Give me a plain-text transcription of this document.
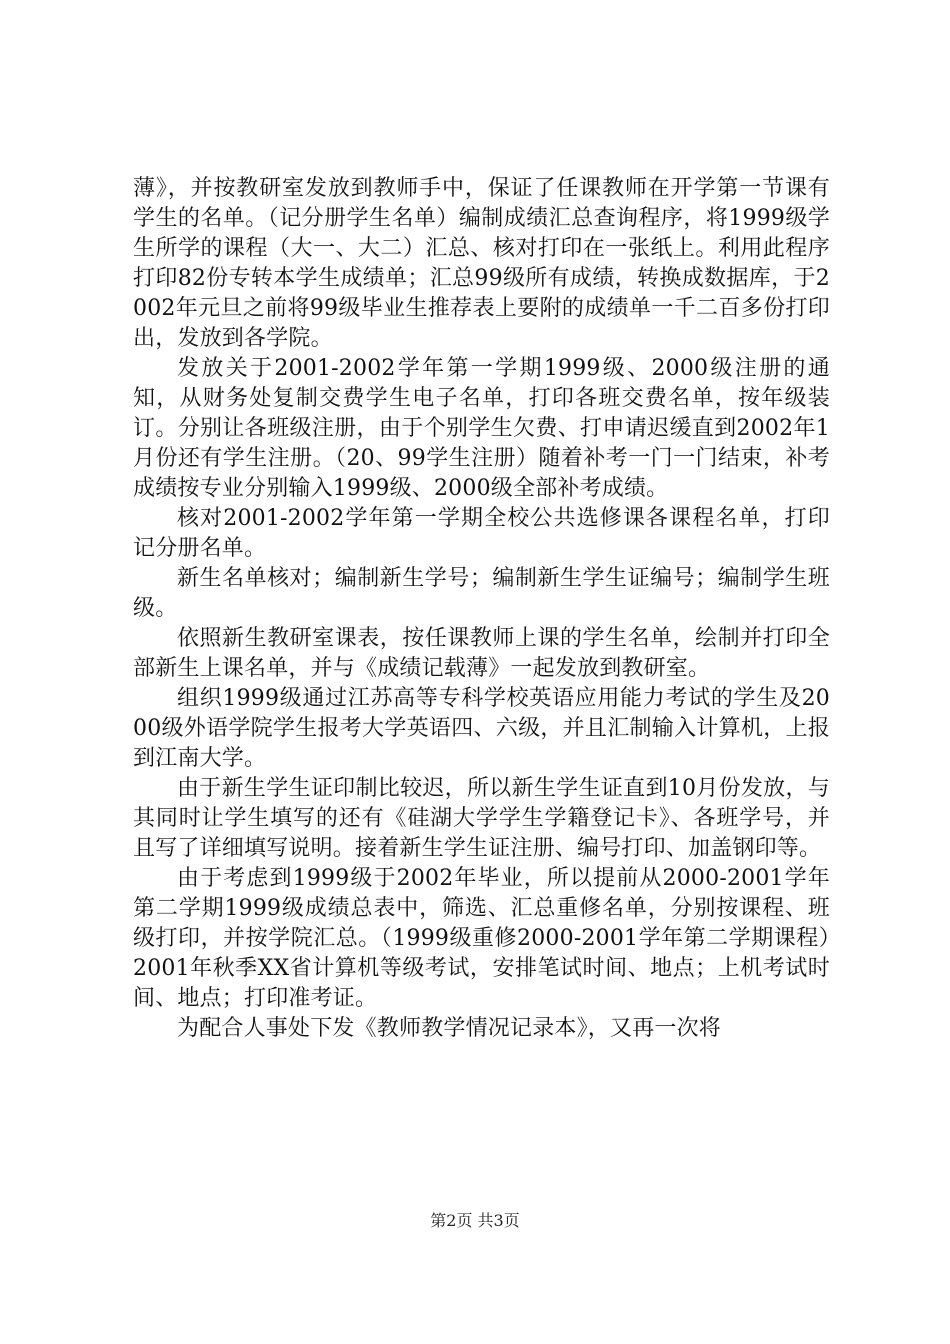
薄》，并按教研室发放到教师手中，保证了任课教师在开学第一节课有学生的名单。（记分册学生名单）编制成绩汇总查询程序，将1999级学生所学的课程（大一、大二）汇总、核对打印在一张纸上。利用此程序打印82份专转本学生成绩单；汇总99级所有成绩，转换成数据库，于2002年元旦之前将99级毕业生推荐表上要附的成绩单一千二百多份打印出，发放到各学院。

发放关于2001-2002学年第一学期1999级、2000级注册的通知，从财务处复制交费学生电子名单，打印各班交费名单，按年级装订。分别让各班级注册，由于个别学生欠费、打申请迟缓直到2002年1月份还有学生注册。（20、99学生注册）随着补考一门一门结束，补考成绩按专业分别输入1999级、2000级全部补考成绩。

核对2001-2002学年第一学期全校公共选修课各课程名单，打印记分册名单。

新生名单核对；编制新生学号；编制新生学生证编号；编制学生班级。

依照新生教研室课表，按任课教师上课的学生名单，绘制并打印全部新生上课名单，并与《成绩记载薄》一起发放到教研室。

组织1999级通过江苏高等专科学校英语应用能力考试的学生及2000级外语学院学生报考大学英语四、六级，并且汇制输入计算机，上报到江南大学。

由于新生学生证印制比较迟，所以新生学生证直到10月份发放，与其同时让学生填写的还有《硅湖大学学生学籍登记卡》、各班学号，并且写了详细填写说明。接着新生学生证注册、编号打印、加盖钢印等。

由于考虑到1999级于2002年毕业，所以提前从2000-2001学年第二学期1999级成绩总表中，筛选、汇总重修名单，分别按课程、班级打印，并按学院汇总。（1999级重修2000-2001学年第二学期课程）2001年秋季XX省计算机等级考试，安排笔试时间、地点；上机考试时间、地点；打印准考证。

为配合人事处下发《教师教学情况记录本》，又再一次将

第2页 共3页
